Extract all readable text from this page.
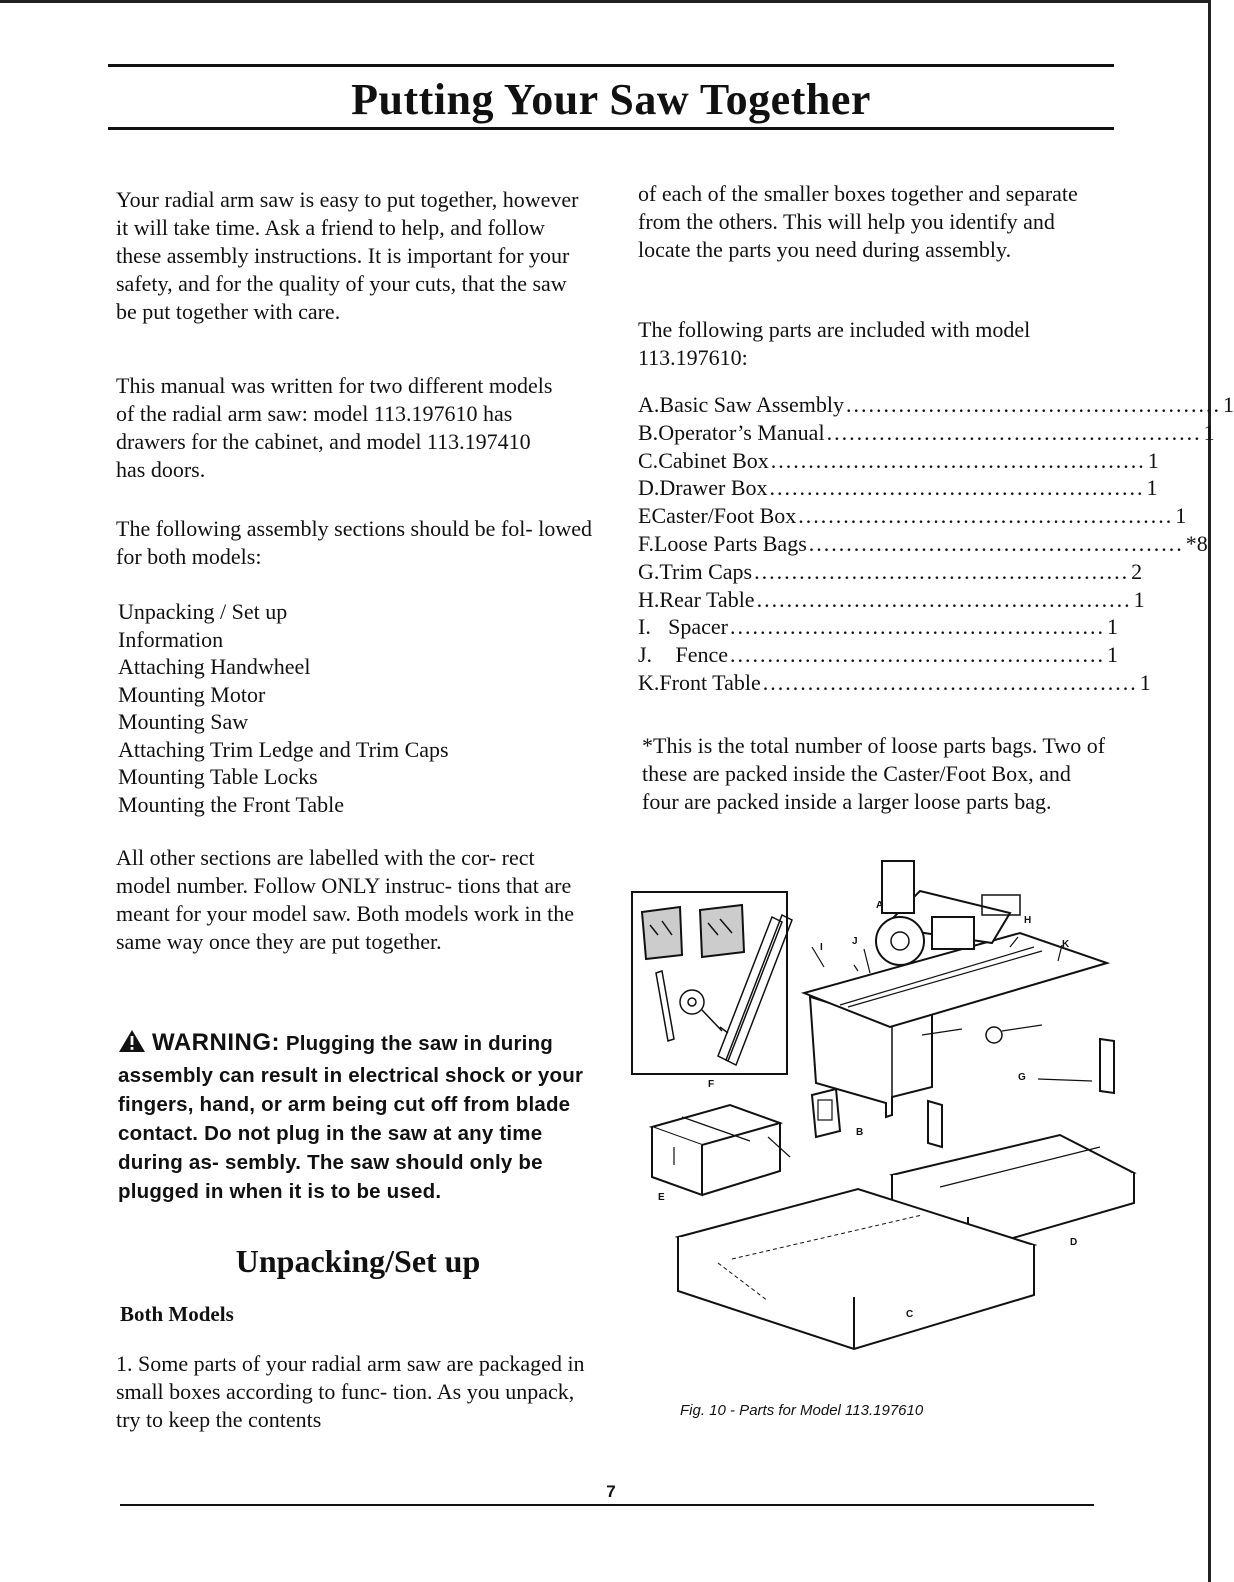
Putting Your Saw Together

Your radial arm saw is easy to put together, however it will take time. Ask a friend to help, and follow these assembly instructions. It is important for your safety, and for the quality of your cuts, that the saw be put together with care.

This manual was written for two different models of the radial arm saw: model 113.197610 has drawers for the cabinet, and model 113.197410 has doors.

The following assembly sections should be fol- lowed for both models:

Unpacking / Set up
Information
Attaching Handwheel
Mounting Motor
Mounting Saw
Attaching Trim Ledge and Trim Caps
Mounting Table Locks
Mounting the Front Table

All other sections are labelled with the cor- rect model number. Follow ONLY instruc- tions that are meant for your model saw. Both models work in the same way once they are put together.

WARNING: Plugging the saw in during assembly can result in electrical shock or your fingers, hand, or arm being cut off from blade contact. Do not plug in the saw at any time during as- sembly. The saw should only be plugged in when it is to be used.
Unpacking/Set up
Both Models

1. Some parts of your radial arm saw are packaged in small boxes according to func- tion. As you unpack, try to keep the contents

of each of the smaller boxes together and separate from the others. This will help you identify and locate the parts you need during assembly.

The following parts are included with model 113.197610:

A. Basic Saw Assembly .................................................. 1
B. Operator’s Manual .................................................. 1
C. Cabinet Box .................................................. 1
D. Drawer Box .................................................. 1
E Caster/Foot Box .................................................. 1
F. Loose Parts Bags .................................................. *8
G. Trim Caps .................................................. 2
H. Rear Table .................................................. 1
I. Spacer .................................................. 1
J.	Fence .................................................. 1
K. Front Table .................................................. 1

*This is the total number of loose parts bags. Two of these are packed inside the Caster/Foot Box, and four are packed inside a larger loose parts bag.

A
B
C
D
E
F
G
H
I
J	K
Fig. 10 - Parts for Model 113.197610
7
